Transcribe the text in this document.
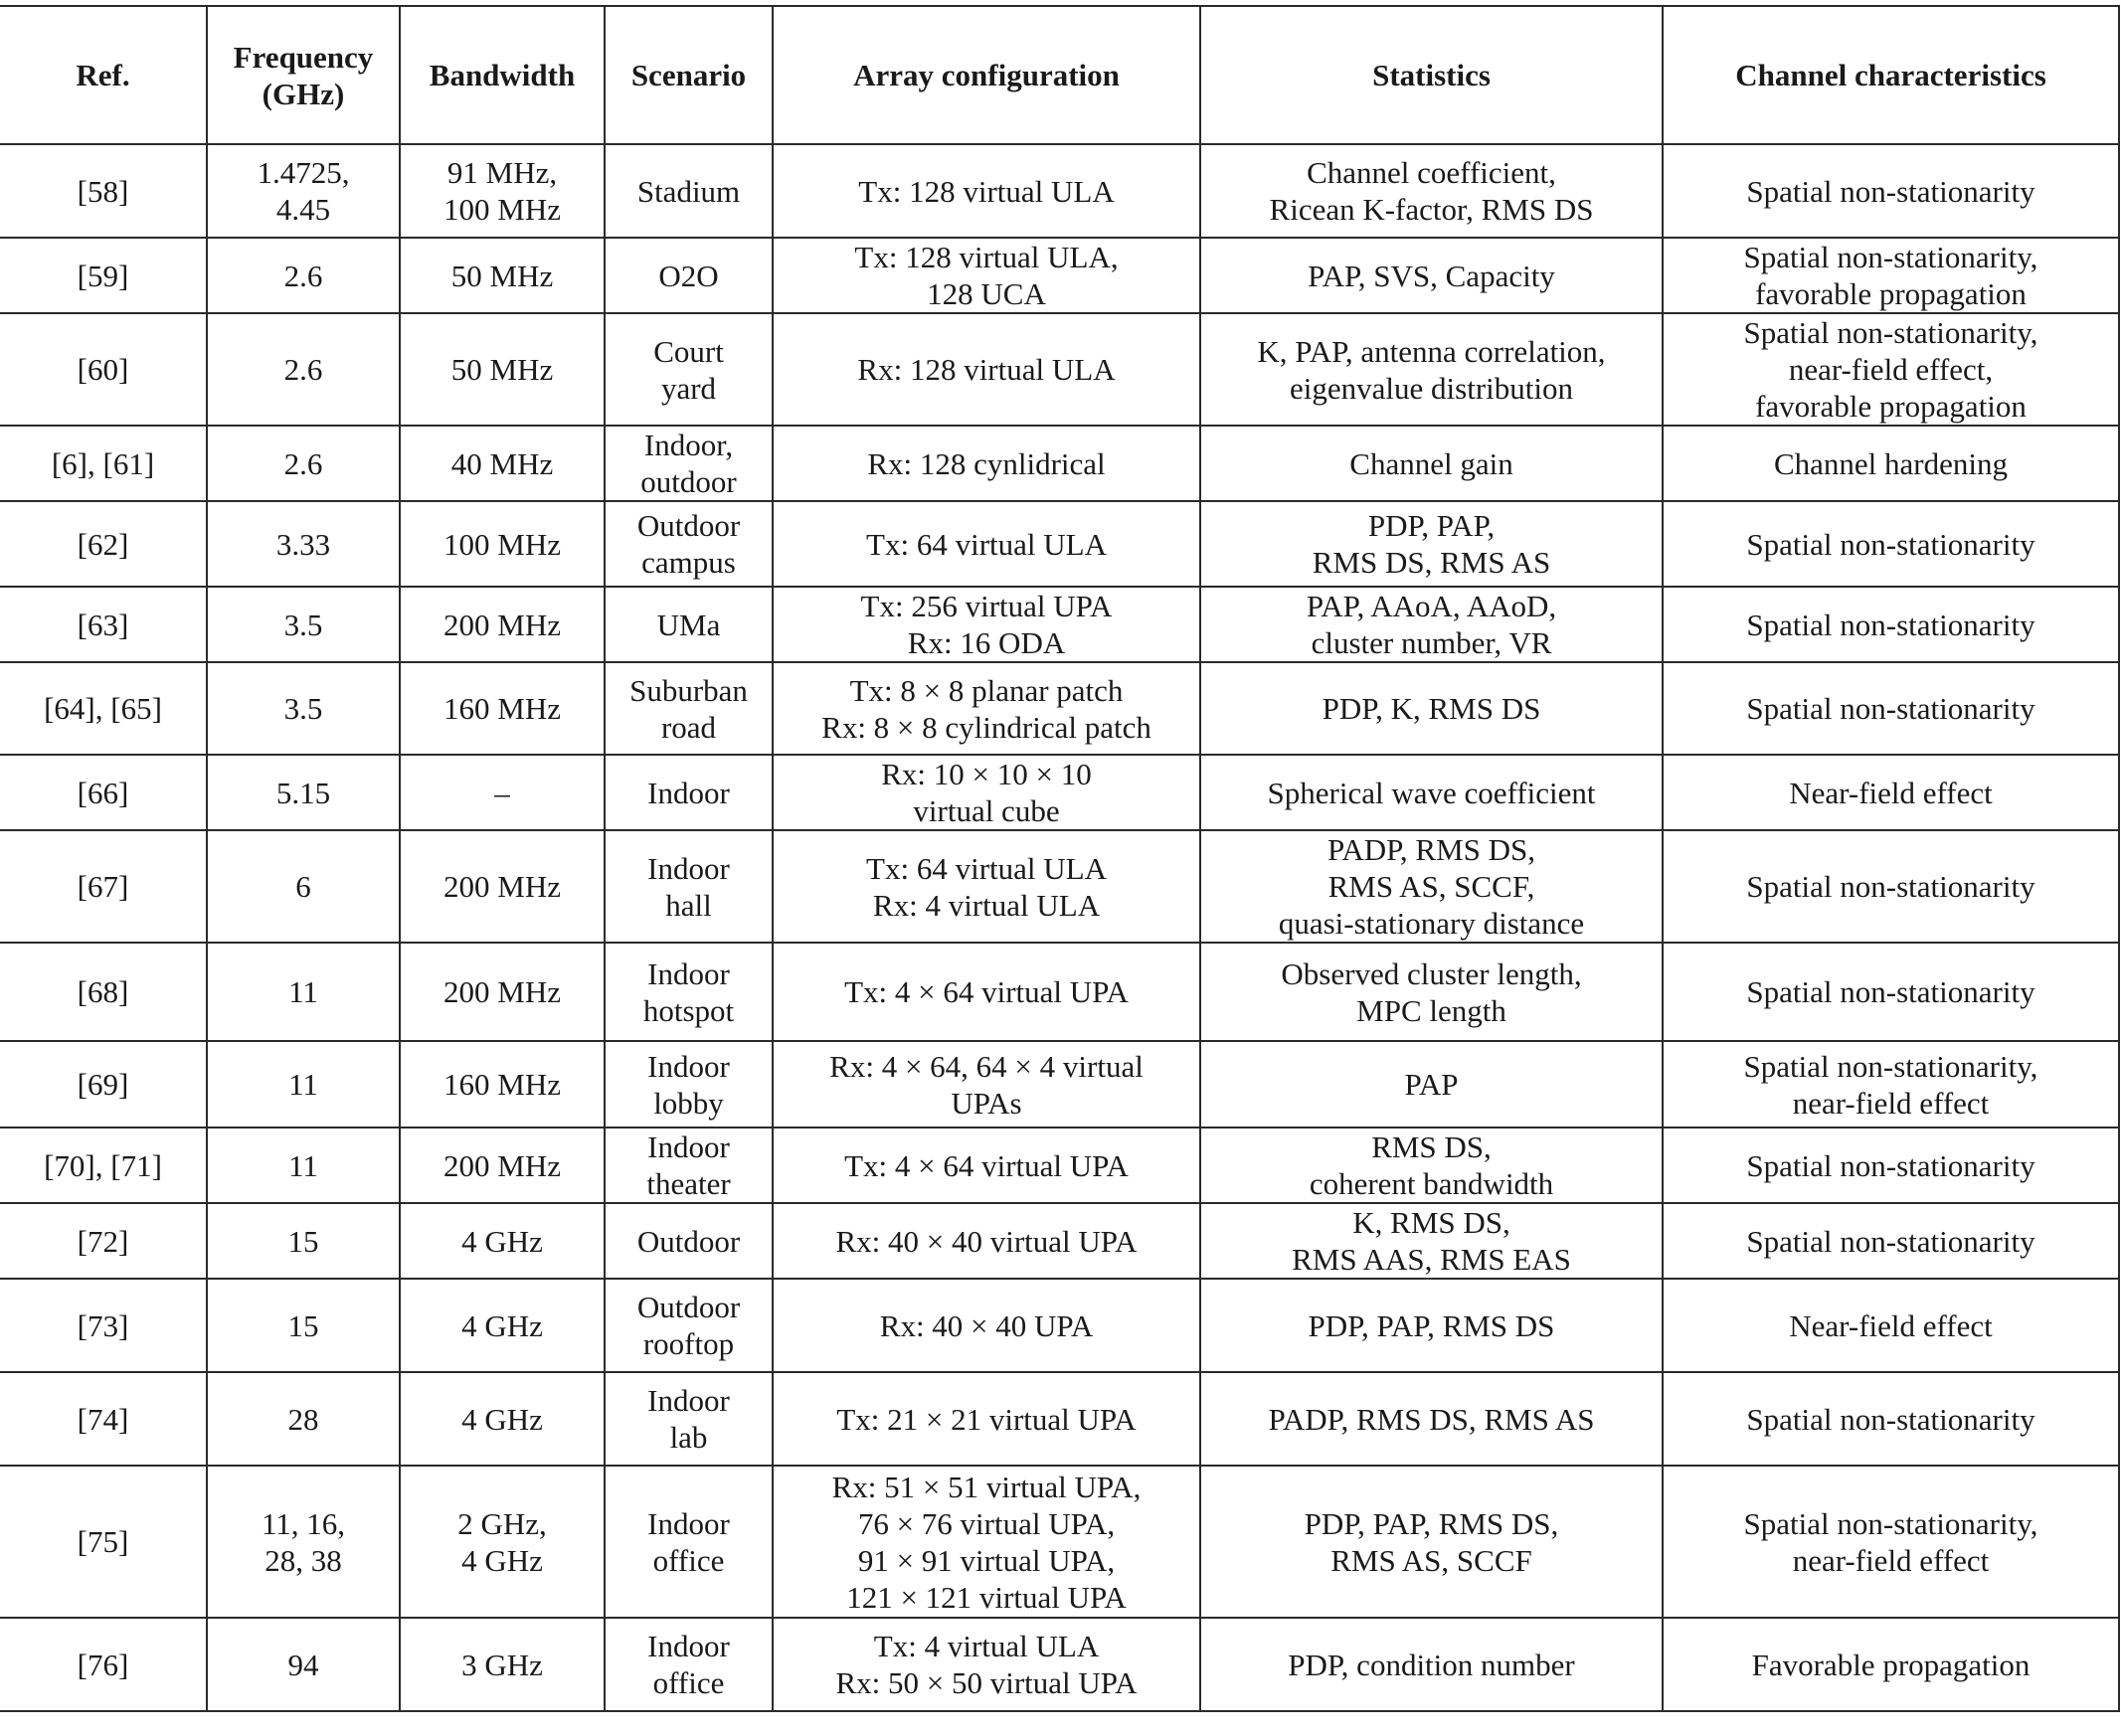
Ref.	Frequency
(GHz)	Bandwidth	Scenario	Array configuration	Statistics	Channel characteristics
[58]	1.4725,
4.45	91 MHz,
100 MHz	Stadium	Tx: 128 virtual ULA	Channel coefficient,
Ricean K-factor, RMS DS	Spatial non-stationarity
[59]	2.6	50 MHz	O2O	Tx: 128 virtual ULA,
128 UCA	PAP, SVS, Capacity	Spatial non-stationarity,
favorable propagation
[60]	2.6	50 MHz	Court
yard	Rx: 128 virtual ULA	K, PAP, antenna correlation,
eigenvalue distribution	Spatial non-stationarity,
near-field effect,
favorable propagation
[6], [61]	2.6	40 MHz	Indoor,
outdoor	Rx: 128 cynlidrical	Channel gain	Channel hardening
[62]	3.33	100 MHz	Outdoor
campus	Tx: 64 virtual ULA	PDP, PAP,
RMS DS, RMS AS	Spatial non-stationarity
[63]	3.5	200 MHz	UMa	Tx: 256 virtual UPA
Rx: 16 ODA	PAP, AAoA, AAoD,
cluster number, VR	Spatial non-stationarity
[64], [65]	3.5	160 MHz	Suburban
road	Tx: 8 × 8 planar patch
Rx: 8 × 8 cylindrical patch	PDP, K, RMS DS	Spatial non-stationarity
[66]	5.15	–	Indoor	Rx: 10 × 10 × 10
virtual cube	Spherical wave coefficient	Near-field effect
[67]	6	200 MHz	Indoor
hall	Tx: 64 virtual ULA
Rx: 4 virtual ULA	PADP, RMS DS,
RMS AS, SCCF,
quasi-stationary distance	Spatial non-stationarity
[68]	11	200 MHz	Indoor
hotspot	Tx: 4 × 64 virtual UPA	Observed cluster length,
MPC length	Spatial non-stationarity
[69]	11	160 MHz	Indoor
lobby	Rx: 4 × 64, 64 × 4 virtual
UPAs	PAP	Spatial non-stationarity,
near-field effect
[70], [71]	11	200 MHz	Indoor
theater	Tx: 4 × 64 virtual UPA	RMS DS,
coherent bandwidth	Spatial non-stationarity
[72]	15	4 GHz	Outdoor	Rx: 40 × 40 virtual UPA	K, RMS DS,
RMS AAS, RMS EAS	Spatial non-stationarity
[73]	15	4 GHz	Outdoor
rooftop	Rx: 40 × 40 UPA	PDP, PAP, RMS DS	Near-field effect
[74]	28	4 GHz	Indoor
lab	Tx: 21 × 21 virtual UPA	PADP, RMS DS, RMS AS	Spatial non-stationarity
[75]	11, 16,
28, 38	2 GHz,
4 GHz	Indoor
office	Rx: 51 × 51 virtual UPA,
76 × 76 virtual UPA,
91 × 91 virtual UPA,
121 × 121 virtual UPA	PDP, PAP, RMS DS,
RMS AS, SCCF	Spatial non-stationarity,
near-field effect
[76]	94	3 GHz	Indoor
office	Tx: 4 virtual ULA
Rx: 50 × 50 virtual UPA	PDP, condition number	Favorable propagation
